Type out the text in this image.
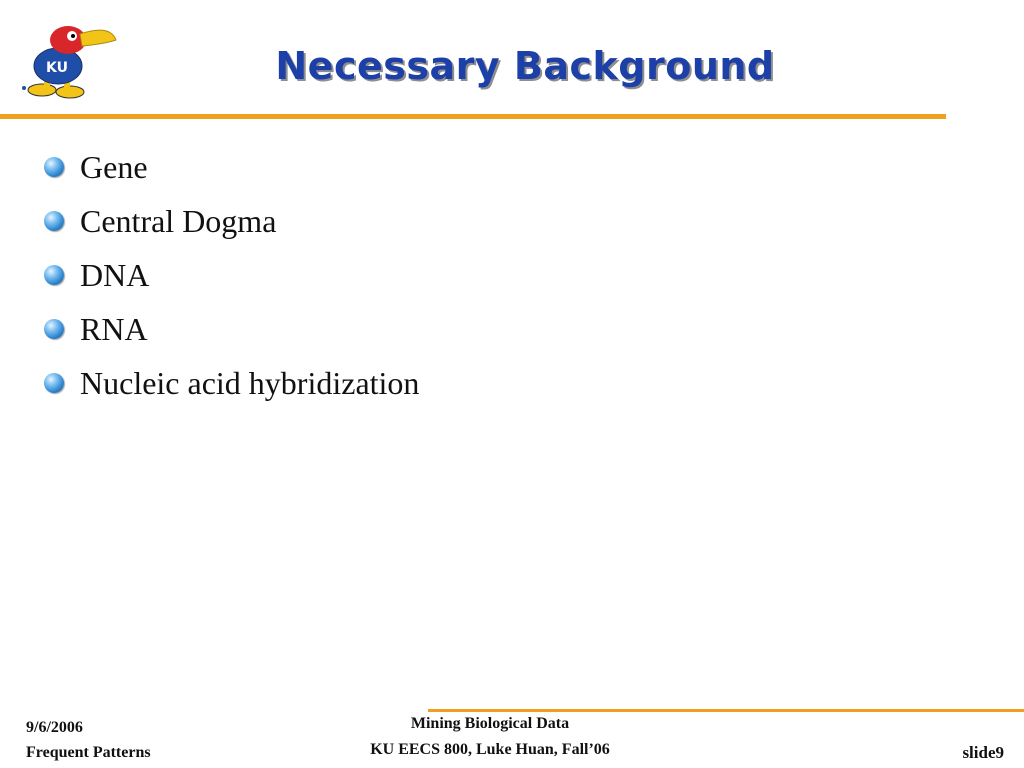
KU	Necessary Background
Gene
Central Dogma
DNA
RNA
Nucleic acid hybridization
9/6/2006
Frequent Patterns
Mining Biological Data
KU EECS 800, Luke Huan, Fall’06	slide9
